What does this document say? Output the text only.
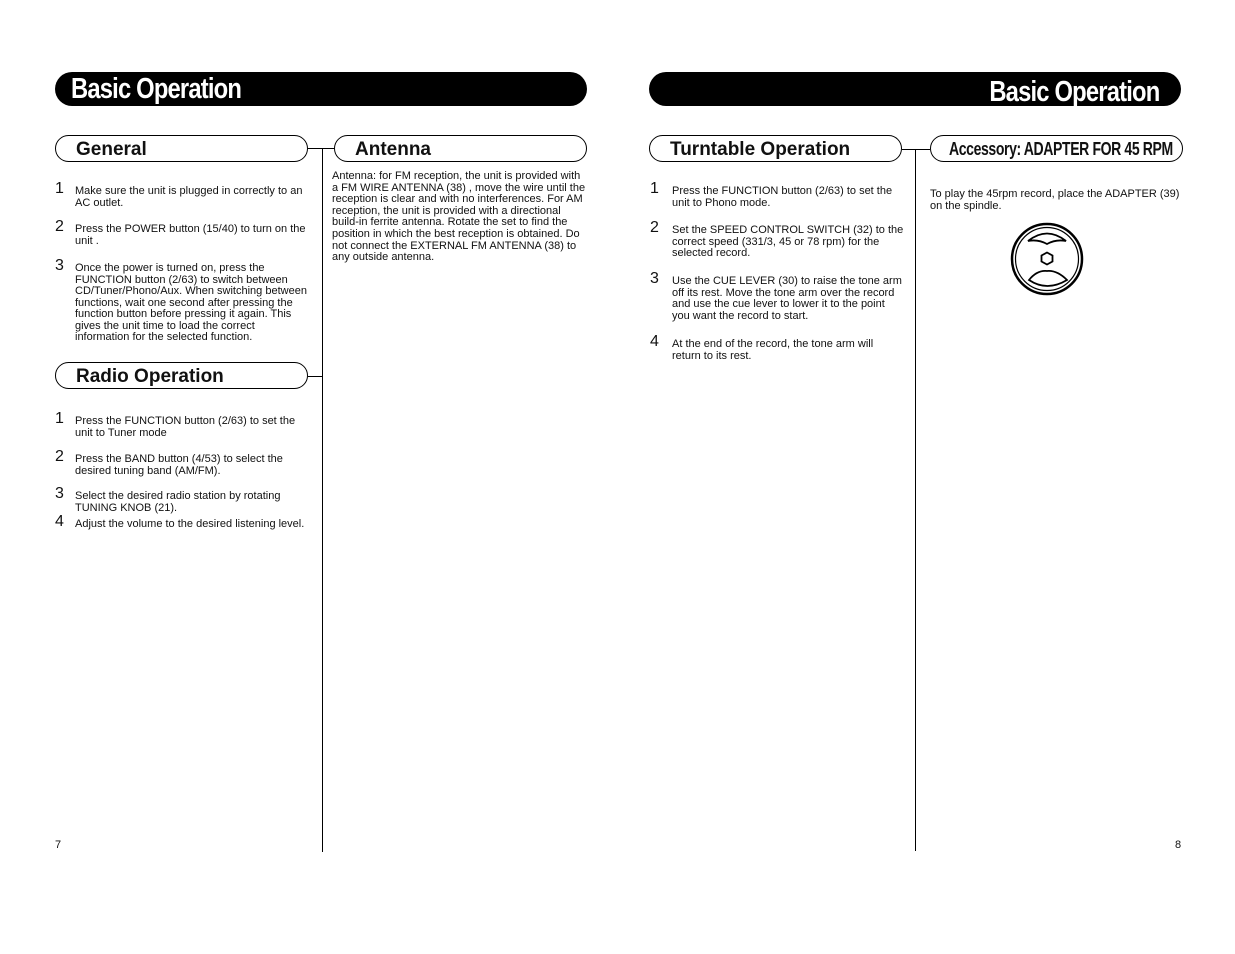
Basic Operation
General
1 Make sure the unit is plugged in correctly to an AC outlet.
2 Press the POWER button (15/40) to turn on the unit .
3 Once the power is turned on, press the FUNCTION button (2/63) to switch between CD/Tuner/Phono/Aux. When switching between functions, wait one second after pressing the function button before pressing it again. This gives the unit time to load the correct information for the selected function.
Radio Operation
1 Press the FUNCTION button (2/63) to set the unit to Tuner mode
2 Press the BAND button (4/53) to select the desired tuning band (AM/FM).
3 Select the desired radio station by rotating TUNING KNOB (21).
4 Adjust the volume to the desired listening level.
Antenna
Antenna: for FM reception, the unit is provided with a FM WIRE ANTENNA (38) , move the wire until the reception is clear and with no interferences. For AM reception, the unit is provided with a directional build-in ferrite antenna. Rotate the set to find the position in which the best reception is obtained. Do not connect the EXTERNAL FM ANTENNA (38) to any outside antenna.
7
Basic Operation
Turntable Operation
1 Press the FUNCTION button (2/63) to set the unit to Phono mode.
2 Set the SPEED CONTROL SWITCH (32) to the correct speed (331/3, 45 or 78 rpm) for the selected record.
3 Use the CUE LEVER (30) to raise the tone arm off its rest. Move the tone arm over the record and use the cue lever to lower it to the point you want the record to start.
4 At the end of the record, the tone arm will return to its rest.
Accessory: ADAPTER FOR 45 RPM
To play the 45rpm record, place the ADAPTER (39) on the spindle.
8
